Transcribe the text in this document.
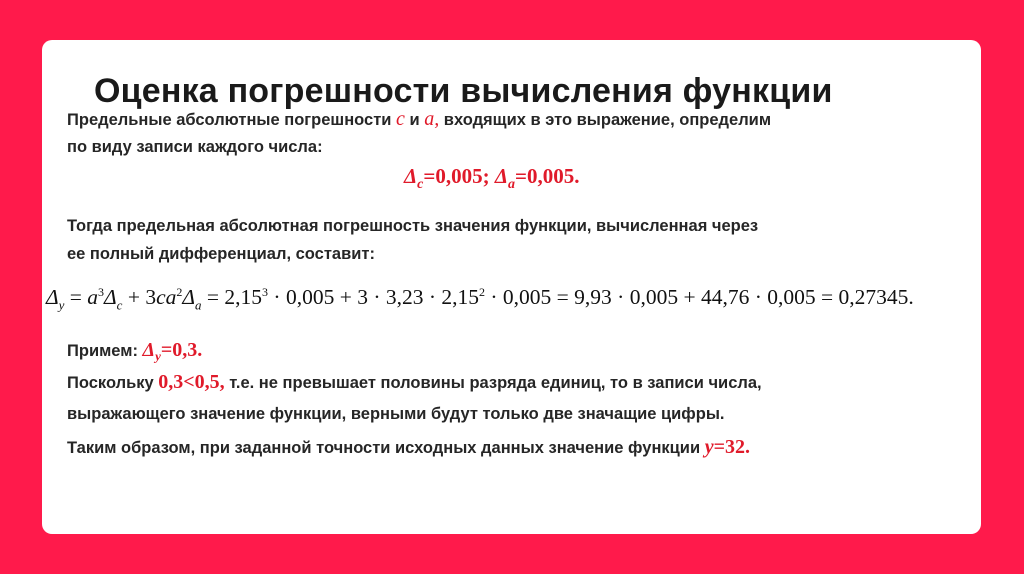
Оценка погрешности вычисления функции
Предельные абсолютные погрешности c и a, входящих в это выражение, определим
по виду записи каждого числа:
$\Delta_c=0,005$; $\Delta_a=0,005$.
Тогда предельная абсолютная погрешность значения функции, вычисленная через
ее полный дифференциал, составит:
$\Delta_y = a^3\Delta_c + 3ca^2\Delta_a = 2,15^3 \cdot 0,005 + 3 \cdot 3,23 \cdot 2,15^2 \cdot 0,005 = 9,93 \cdot 0,005 + 44,76 \cdot 0,005 = 0,27345$.
Примем: $\Delta_y=0,3$.
Поскольку 0,3<0,5, т.е. не превышает половины разряда единиц, то в записи числа,
выражающего значение функции, верными будут только две значащие цифры.
Таким образом, при заданной точности исходных данных значение функции y=32.
